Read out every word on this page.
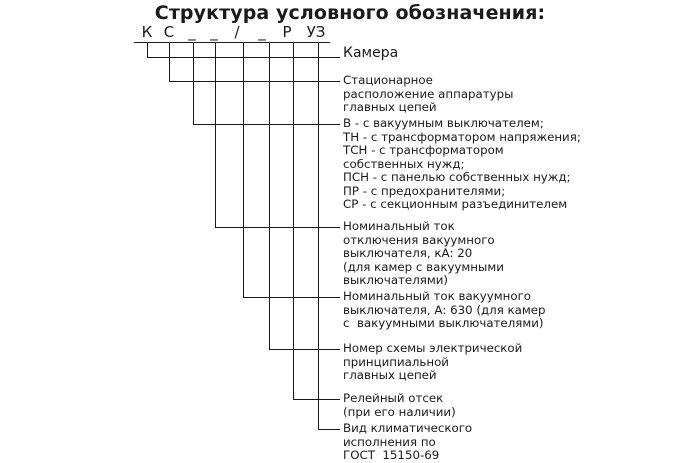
Структура условного обозначения:
К С _ _	/	_	Р	УЗ
Камера
Стационарное
расположение аппаратуры
главных цепей
В - с вакуумным выключателем;
ТН - с трансформатором напряжения;
ТСН - с трансформатором
собственных нужд;
ПСН - с панелью собственных нужд;
ПР - с предохранителями;
СР - с секционным разъединителем
Номинальный ток
отключения вакуумного
выключателя, кА: 20
(для камер с вакуумными
выключателями)
Номинальный ток вакуумного
выключателя, А: 630 (для камер
с  вакуумными выключателями)
Номер схемы электрической
принципиальной
главных цепей
Релейный отсек
(при его наличии)
Вид климатического
исполнения по
ГОСТ  15150-69
